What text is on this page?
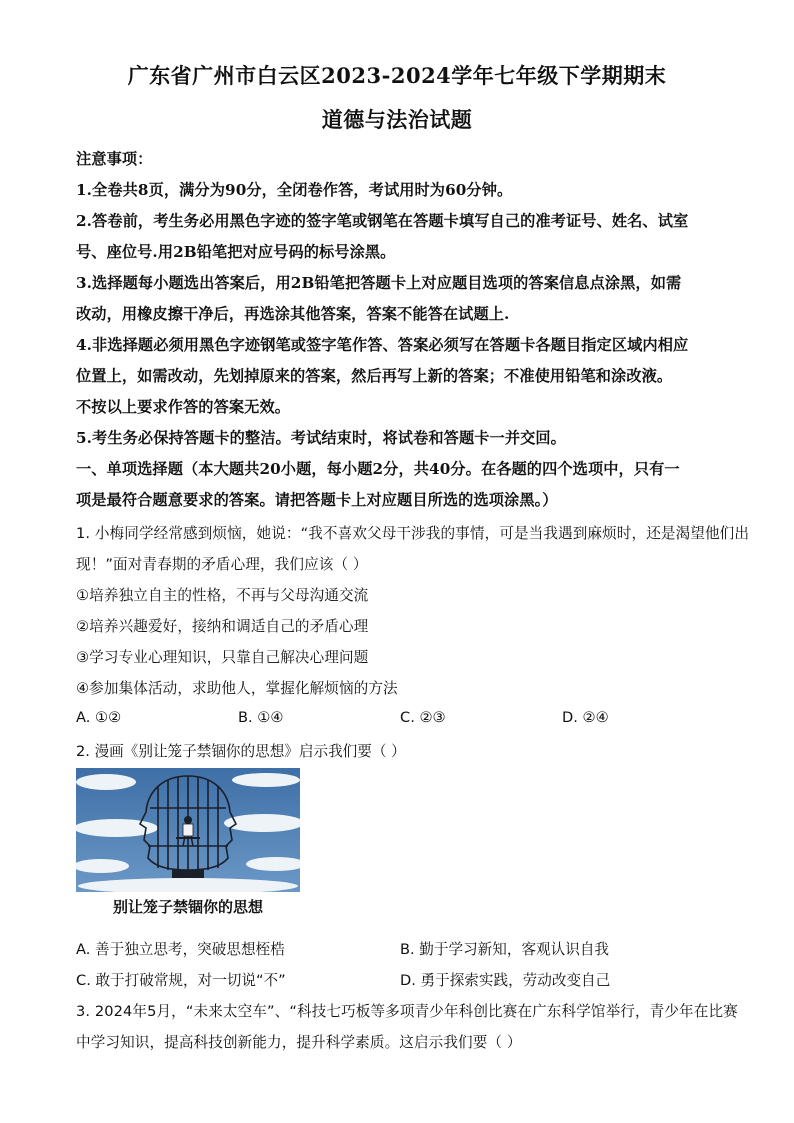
广东省广州市白云区2023-2024学年七年级下学期期末
道德与法治试题
注意事项：
1.全卷共8页，满分为90分，全闭卷作答，考试用时为60分钟。
2.答卷前，考生务必用黑色字迹的签字笔或钢笔在答题卡填写自己的准考证号、姓名、试室
号、座位号.用2B铅笔把对应号码的标号涂黑。
3.选择题每小题选出答案后，用2B铅笔把答题卡上对应题目选项的答案信息点涂黑，如需
改动，用橡皮擦干净后，再选涂其他答案，答案不能答在试题上.
4.非选择题必须用黑色字迹钢笔或签字笔作答、答案必须写在答题卡各题目指定区域内相应
位置上，如需改动，先划掉原来的答案，然后再写上新的答案；不准使用铅笔和涂改液。
不按以上要求作答的答案无效。
5.考生务必保持答题卡的整洁。考试结束时，将试卷和答题卡一并交回。
一、单项选择题（本大题共20小题，每小题2分，共40分。在各题的四个选项中，只有一
项是最符合题意要求的答案。请把答题卡上对应题目所选的选项涂黑。）
1. 小梅同学经常感到烦恼，她说：“我不喜欢父母干涉我的事情，可是当我遇到麻烦时，还是渴望他们出
现！”面对青春期的矛盾心理，我们应该（ ）
①培养独立自主的性格，不再与父母沟通交流
②培养兴趣爱好，接纳和调适自己的矛盾心理
③学习专业心理知识，只靠自己解决心理问题
④参加集体活动，求助他人，掌握化解烦恼的方法
A. ①②	B. ①④	C. ②③	D. ②④
2. 漫画《别让笼子禁锢你的思想》启示我们要（ ）
别让笼子禁锢你的思想
A. 善于独立思考，突破思想桎梏	B. 勤于学习新知，客观认识自我
C. 敢于打破常规，对一切说“不”	D. 勇于探索实践，劳动改变自己
3. 2024年5月，“未来太空车”、“科技七巧板等多项青少年科创比赛在广东科学馆举行，青少年在比赛
中学习知识，提高科技创新能力，提升科学素质。这启示我们要（ ）
